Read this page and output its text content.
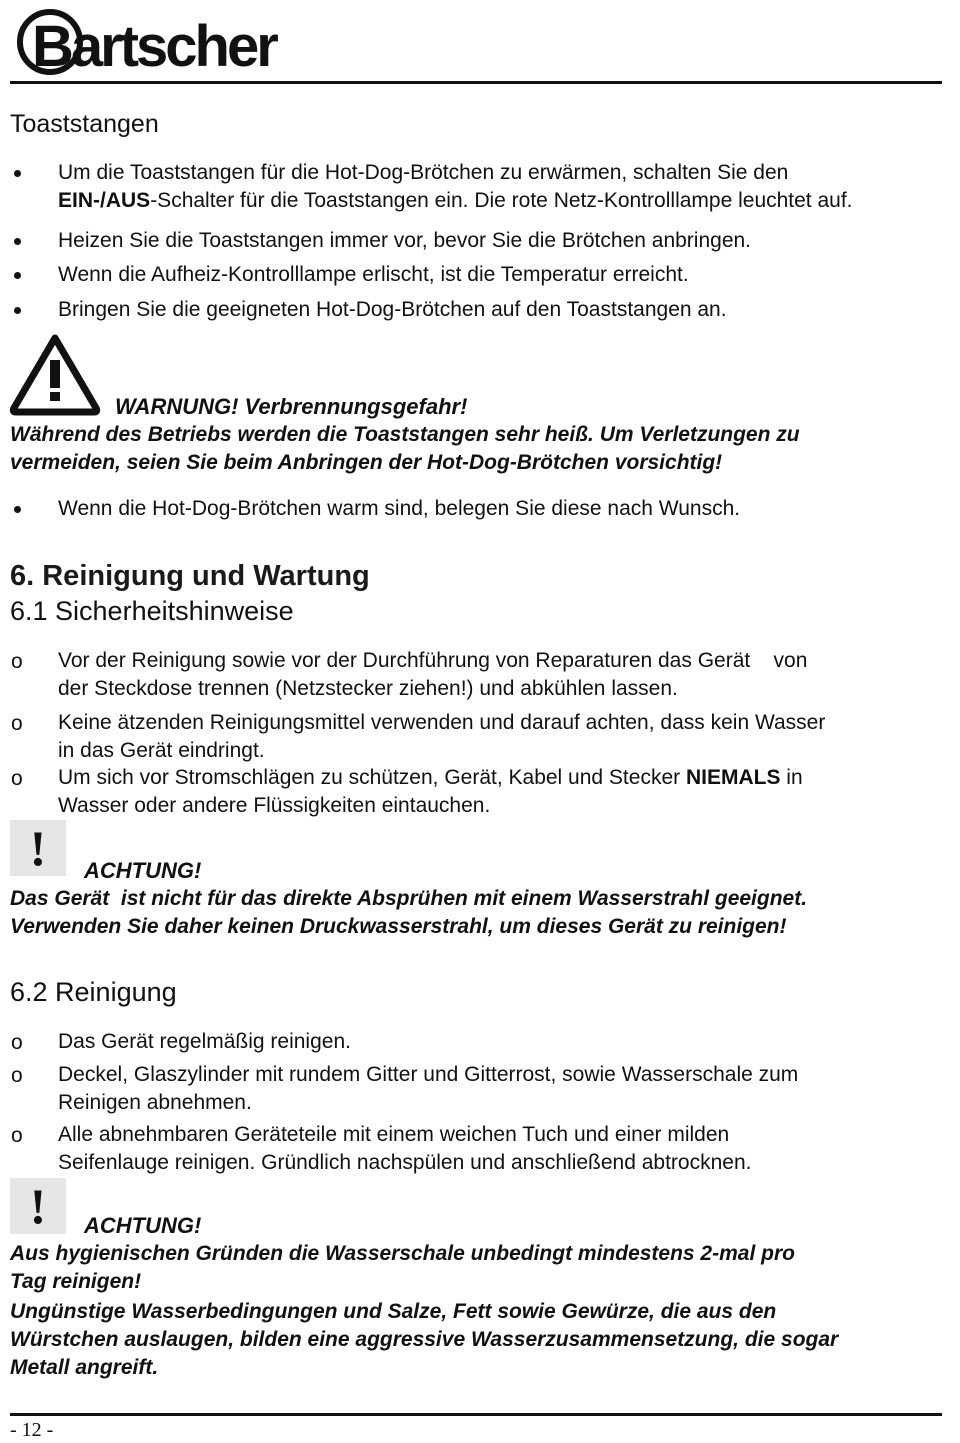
Bartscher
Toaststangen
Um die Toaststangen für die Hot-Dog-Brötchen zu erwärmen, schalten Sie den
EIN-/AUS-Schalter für die Toaststangen ein. Die rote Netz-Kontrolllampe leuchtet auf.
Heizen Sie die Toaststangen immer vor, bevor Sie die Brötchen anbringen.
Wenn die Aufheiz-Kontrolllampe erlischt, ist die Temperatur erreicht.
Bringen Sie die geeigneten Hot-Dog-Brötchen auf den Toaststangen an.
WARNUNG! Verbrennungsgefahr!
Während des Betriebs werden die Toaststangen sehr heiß. Um Verletzungen zu
vermeiden, seien Sie beim Anbringen der Hot-Dog-Brötchen vorsichtig!
Wenn die Hot-Dog-Brötchen warm sind, belegen Sie diese nach Wunsch.
6. Reinigung und Wartung
6.1 Sicherheitshinweise
o Vor der Reinigung sowie vor der Durchführung von Reparaturen das Gerät    von
der Steckdose trennen (Netzstecker ziehen!) und abkühlen lassen.
o Keine ätzenden Reinigungsmittel verwenden und darauf achten, dass kein Wasser
in das Gerät eindringt.
o Um sich vor Stromschlägen zu schützen, Gerät, Kabel und Stecker NIEMALS in
Wasser oder andere Flüssigkeiten eintauchen.
!	ACHTUNG!
Das Gerät  ist nicht für das direkte Absprühen mit einem Wasserstrahl geeignet.
Verwenden Sie daher keinen Druckwasserstrahl, um dieses Gerät zu reinigen!
6.2 Reinigung
o Das Gerät regelmäßig reinigen.
o Deckel, Glaszylinder mit rundem Gitter und Gitterrost, sowie Wasserschale zum
Reinigen abnehmen.
o Alle abnehmbaren Geräteteile mit einem weichen Tuch und einer milden
Seifenlauge reinigen. Gründlich nachspülen und anschließend abtrocknen.
!	ACHTUNG!
Aus hygienischen Gründen die Wasserschale unbedingt mindestens 2-mal pro
Tag reinigen!
Ungünstige Wasserbedingungen und Salze, Fett sowie Gewürze, die aus den
Würstchen auslaugen, bilden eine aggressive Wasserzusammensetzung, die sogar
Metall angreift.
- 12 -
